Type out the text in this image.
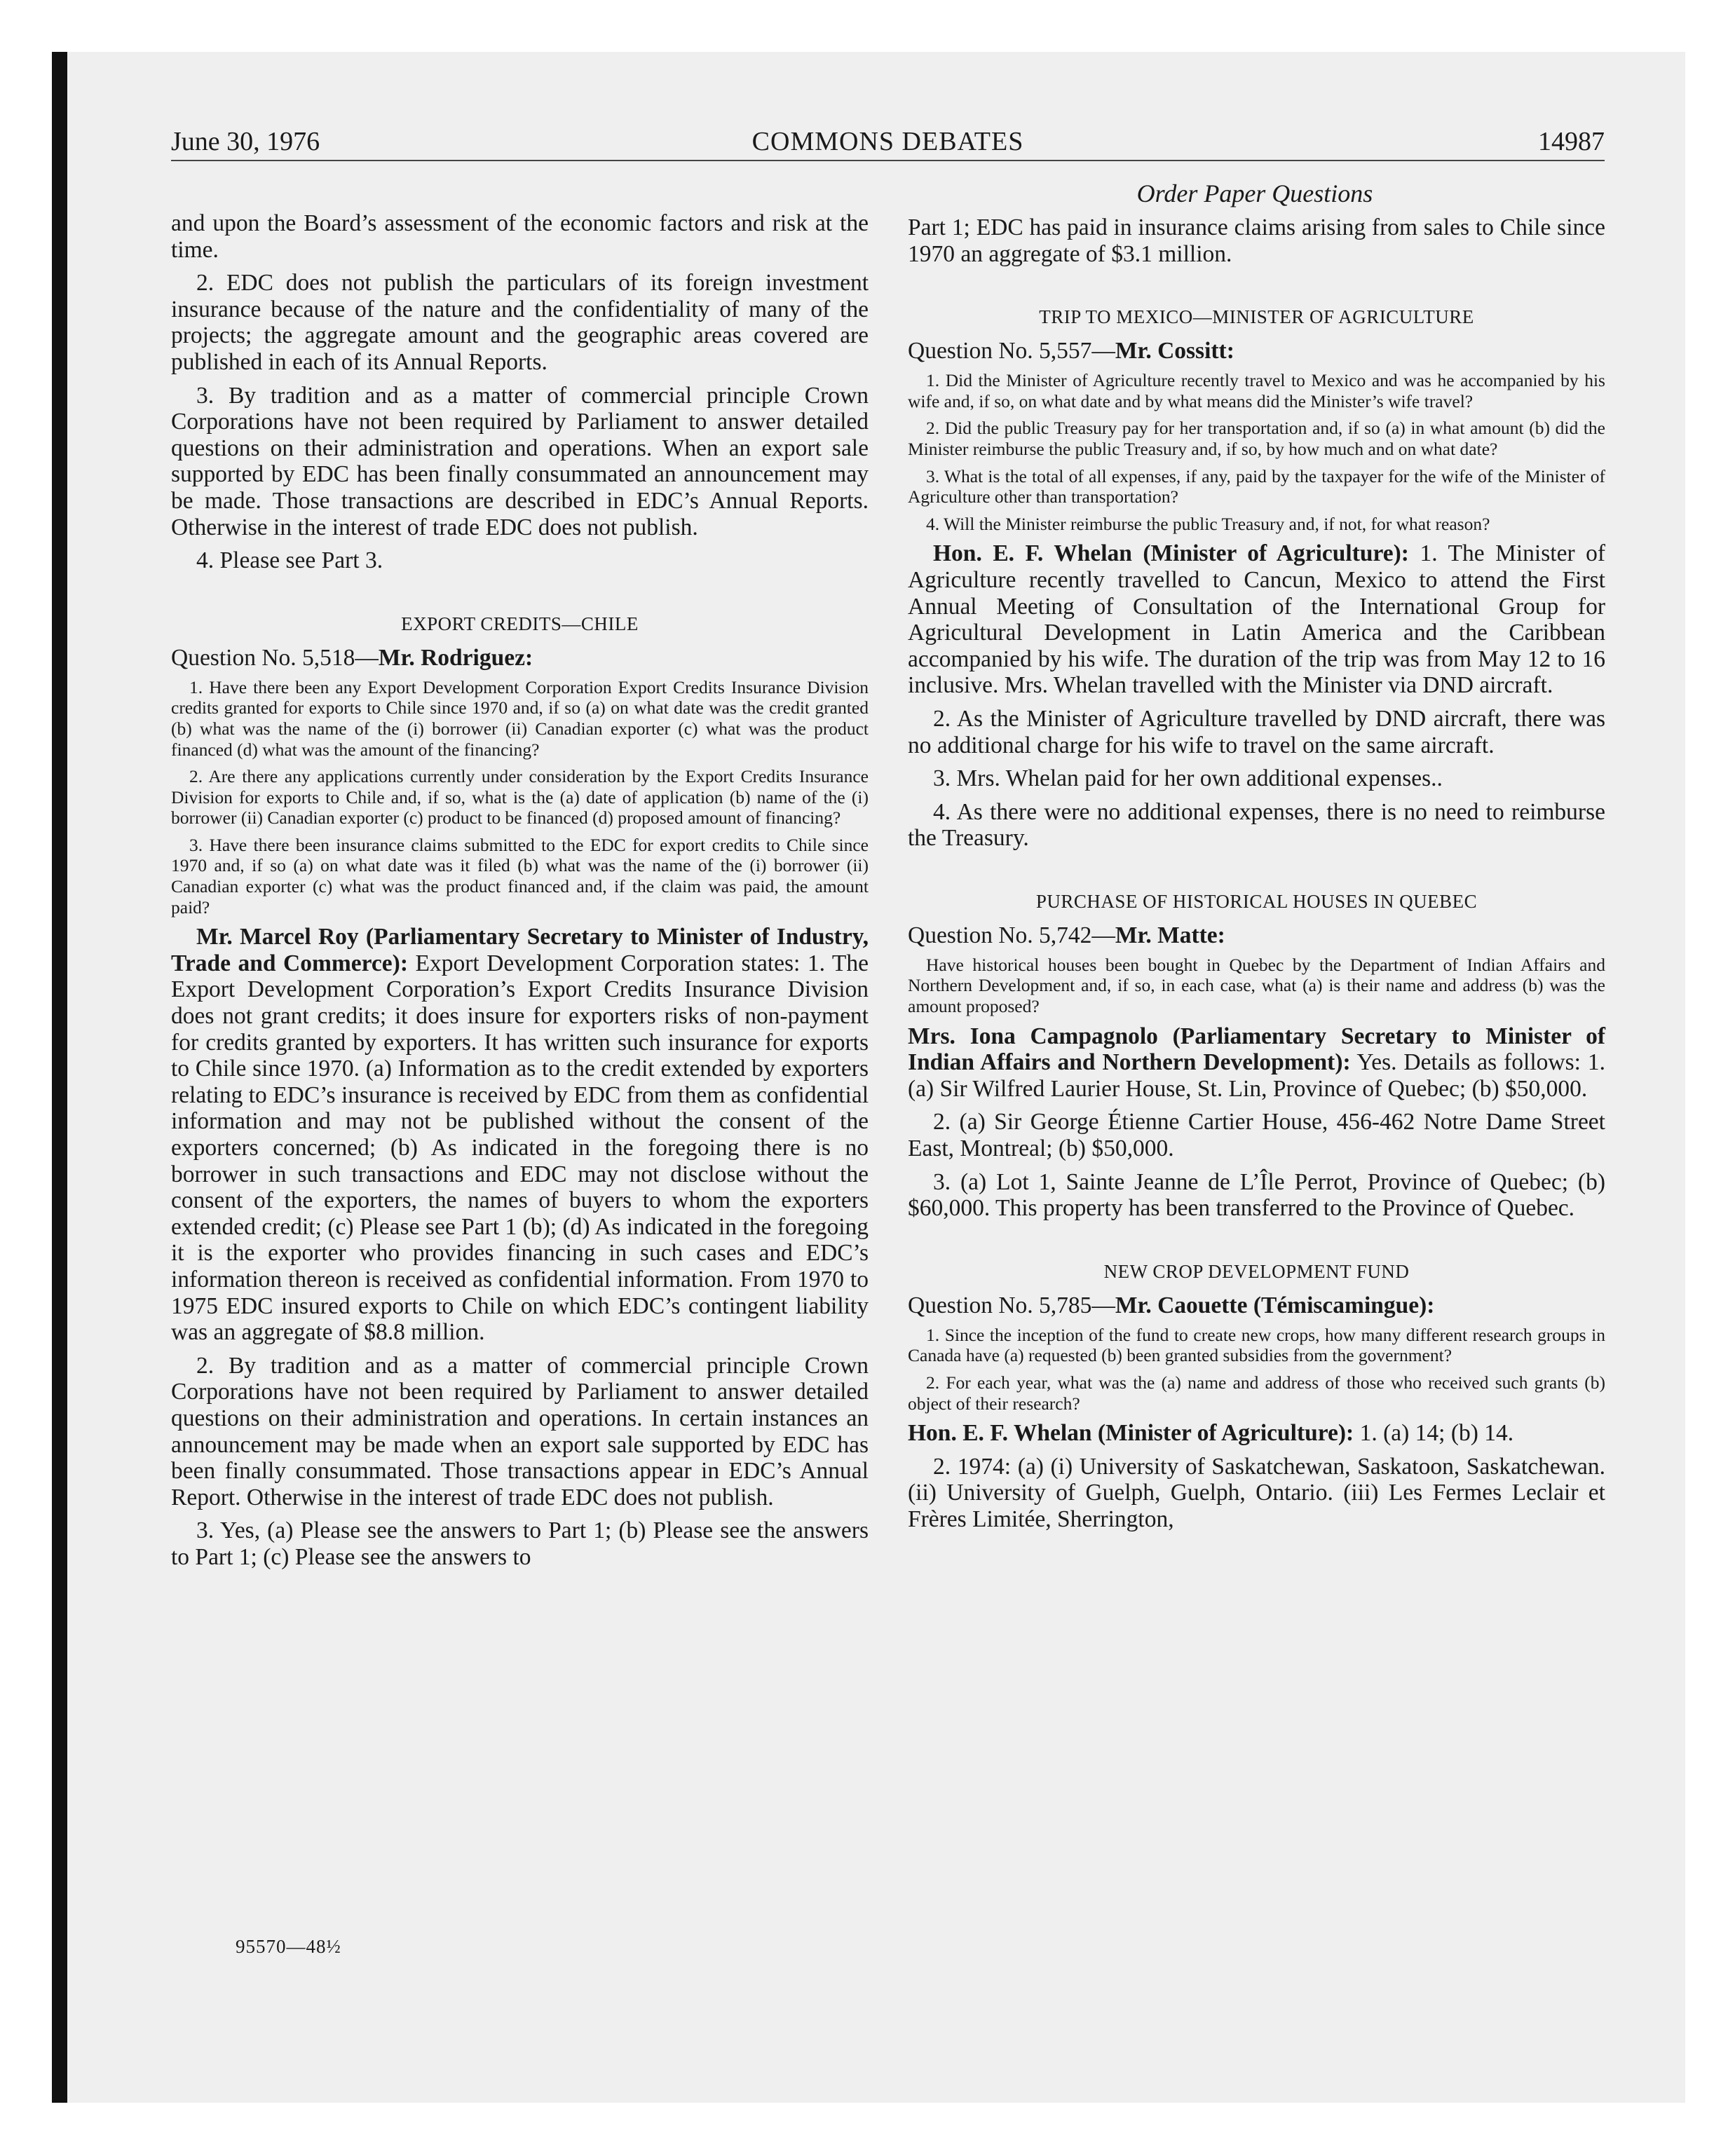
June 30, 1976	COMMONS DEBATES	14987
Order Paper Questions

and upon the Board’s assessment of the economic factors and risk at the time.

2. EDC does not publish the particulars of its foreign investment insurance because of the nature and the confidentiality of many of the projects; the aggregate amount and the geographic areas covered are published in each of its Annual Reports.

3. By tradition and as a matter of commercial principle Crown Corporations have not been required by Parliament to answer detailed questions on their administration and operations. When an export sale supported by EDC has been finally consummated an announcement may be made. Those transactions are described in EDC’s Annual Reports. Otherwise in the interest of trade EDC does not publish.

4. Please see Part 3.

EXPORT CREDITS—CHILE
Question No. 5,518—Mr. Rodriguez:

1. Have there been any Export Development Corporation Export Credits Insurance Division credits granted for exports to Chile since 1970 and, if so (a) on what date was the credit granted (b) what was the name of the (i) borrower (ii) Canadian exporter (c) what was the product financed (d) what was the amount of the financing?

2. Are there any applications currently under consideration by the Export Credits Insurance Division for exports to Chile and, if so, what is the (a) date of application (b) name of the (i) borrower (ii) Canadian exporter (c) product to be financed (d) proposed amount of financing?

3. Have there been insurance claims submitted to the EDC for export credits to Chile since 1970 and, if so (a) on what date was it filed (b) what was the name of the (i) borrower (ii) Canadian exporter (c) what was the product financed and, if the claim was paid, the amount paid?

Mr. Marcel Roy (Parliamentary Secretary to Minister of Industry, Trade and Commerce): Export Development Corporation states: 1. The Export Development Corporation’s Export Credits Insurance Division does not grant credits; it does insure for exporters risks of non-payment for credits granted by exporters. It has written such insurance for exports to Chile since 1970. (a) Information as to the credit extended by exporters relating to EDC’s insurance is received by EDC from them as confidential information and may not be published without the consent of the exporters concerned; (b) As indicated in the foregoing there is no borrower in such transactions and EDC may not disclose without the consent of the exporters, the names of buyers to whom the exporters extended credit; (c) Please see Part 1 (b); (d) As indicated in the foregoing it is the exporter who provides financing in such cases and EDC’s information thereon is received as confidential information. From 1970 to 1975 EDC insured exports to Chile on which EDC’s contingent liability was an aggregate of $8.8 million.

2. By tradition and as a matter of commercial principle Crown Corporations have not been required by Parliament to answer detailed questions on their administration and operations. In certain instances an announcement may be made when an export sale supported by EDC has been finally consummated. Those transactions appear in EDC’s Annual Report. Otherwise in the interest of trade EDC does not publish.

3. Yes, (a) Please see the answers to Part 1; (b) Please see the answers to Part 1; (c) Please see the answers to

Part 1; EDC has paid in insurance claims arising from sales to Chile since 1970 an aggregate of $3.1 million.

TRIP TO MEXICO—MINISTER OF AGRICULTURE
Question No. 5,557—Mr. Cossitt:

1. Did the Minister of Agriculture recently travel to Mexico and was he accompanied by his wife and, if so, on what date and by what means did the Minister’s wife travel?

2. Did the public Treasury pay for her transportation and, if so (a) in what amount (b) did the Minister reimburse the public Treasury and, if so, by how much and on what date?

3. What is the total of all expenses, if any, paid by the taxpayer for the wife of the Minister of Agriculture other than transportation?

4. Will the Minister reimburse the public Treasury and, if not, for what reason?

Hon. E. F. Whelan (Minister of Agriculture): 1. The Minister of Agriculture recently travelled to Cancun, Mexico to attend the First Annual Meeting of Consultation of the International Group for Agricultural Development in Latin America and the Caribbean accompanied by his wife. The duration of the trip was from May 12 to 16 inclusive. Mrs. Whelan travelled with the Minister via DND aircraft.

2. As the Minister of Agriculture travelled by DND aircraft, there was no additional charge for his wife to travel on the same aircraft.

3. Mrs. Whelan paid for her own additional expenses..

4. As there were no additional expenses, there is no need to reimburse the Treasury.

PURCHASE OF HISTORICAL HOUSES IN QUEBEC
Question No. 5,742—Mr. Matte:

Have historical houses been bought in Quebec by the Department of Indian Affairs and Northern Development and, if so, in each case, what (a) is their name and address (b) was the amount proposed?

Mrs. Iona Campagnolo (Parliamentary Secretary to Minister of Indian Affairs and Northern Development): Yes. Details as follows: 1. (a) Sir Wilfred Laurier House, St. Lin, Province of Quebec; (b) $50,000.

2. (a) Sir George Étienne Cartier House, 456-462 Notre Dame Street East, Montreal; (b) $50,000.

3. (a) Lot 1, Sainte Jeanne de L’Île Perrot, Province of Quebec; (b) $60,000. This property has been transferred to the Province of Quebec.

NEW CROP DEVELOPMENT FUND
Question No. 5,785—Mr. Caouette (Témiscamingue):

1. Since the inception of the fund to create new crops, how many different research groups in Canada have (a) requested (b) been granted subsidies from the government?

2. For each year, what was the (a) name and address of those who received such grants (b) object of their research?

Hon. E. F. Whelan (Minister of Agriculture): 1. (a) 14; (b) 14.

2. 1974: (a) (i) University of Saskatchewan, Saskatoon, Saskatchewan. (ii) University of Guelph, Guelph, Ontario. (iii) Les Fermes Leclair et Frères Limitée, Sherrington,

95570—48½
